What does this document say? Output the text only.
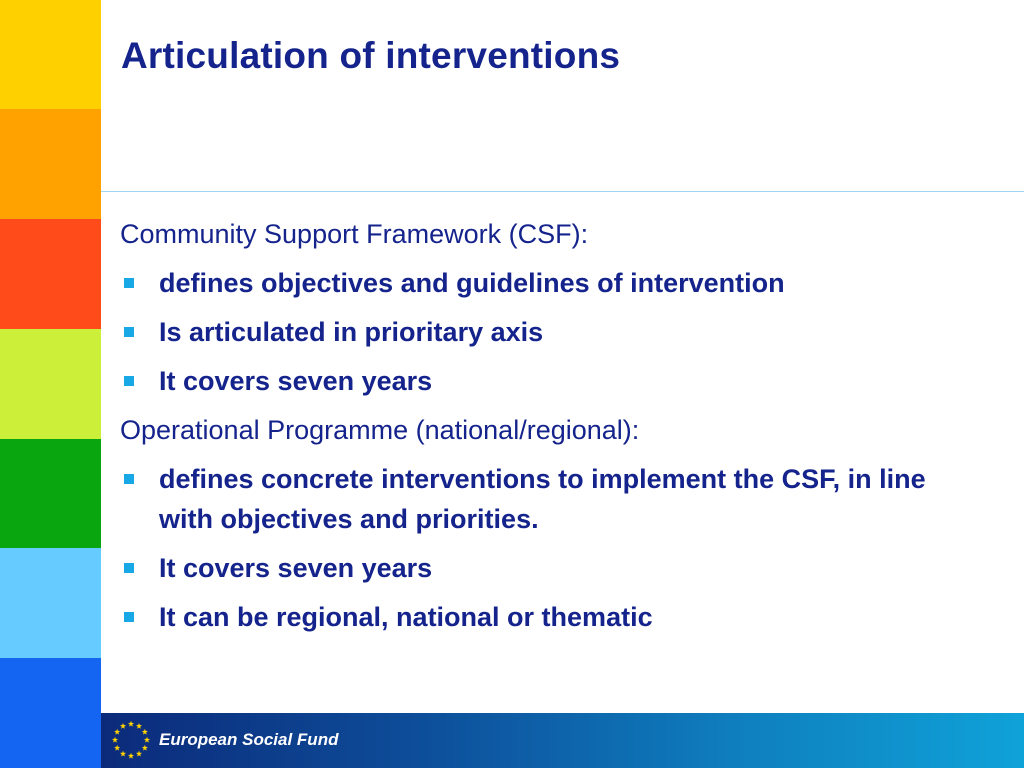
Articulation of interventions

Community Support Framework (CSF):

defines objectives and guidelines of intervention
Is articulated in prioritary axis
It covers seven years

Operational Programme (national/regional):

defines concrete interventions to implement the CSF, in line with objectives and priorities.
It covers seven years
It can be regional, national or thematic
European Social Fund
